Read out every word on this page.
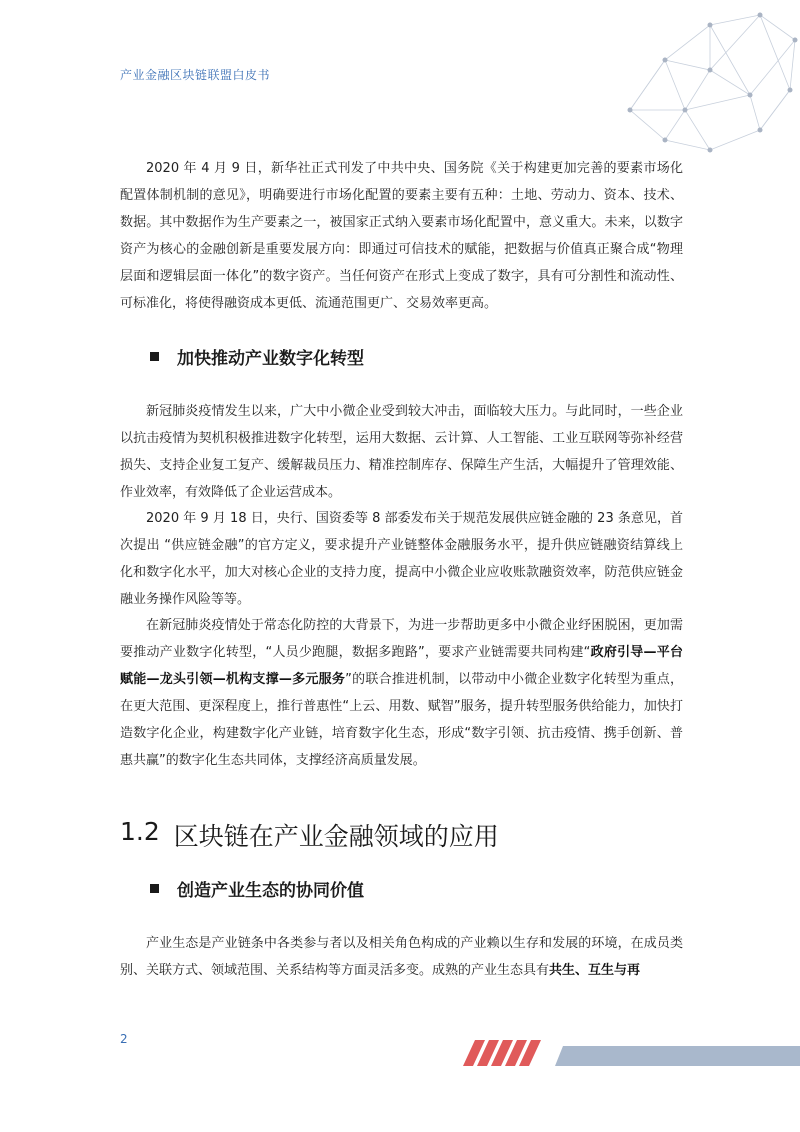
产业金融区块链联盟白皮书

2020 年 4 月 9 日，新华社正式刊发了中共中央、国务院《关于构建更加完善的要素市场化配置体制机制的意见》，明确要进行市场化配置的要素主要有五种：土地、劳动力、资本、技术、数据。其中数据作为生产要素之一，被国家正式纳入要素市场化配置中，意义重大。未来，以数字资产为核心的金融创新是重要发展方向：即通过可信技术的赋能，把数据与价值真正聚合成“物理层面和逻辑层面一体化”的数字资产。当任何资产在形式上变成了数字，具有可分割性和流动性、可标准化，将使得融资成本更低、流通范围更广、交易效率更高。

加快推动产业数字化转型

新冠肺炎疫情发生以来，广大中小微企业受到较大冲击，面临较大压力。与此同时，一些企业以抗击疫情为契机积极推进数字化转型，运用大数据、云计算、人工智能、工业互联网等弥补经营损失、支持企业复工复产、缓解裁员压力、精准控制库存、保障生产生活，大幅提升了管理效能、作业效率，有效降低了企业运营成本。

2020 年 9 月 18 日，央行、国资委等 8 部委发布关于规范发展供应链金融的 23 条意见，首次提出 “供应链金融”的官方定义，要求提升产业链整体金融服务水平，提升供应链融资结算线上化和数字化水平，加大对核心企业的支持力度，提高中小微企业应收账款融资效率，防范供应链金融业务操作风险等等。

在新冠肺炎疫情处于常态化防控的大背景下，为进一步帮助更多中小微企业纾困脱困，更加需要推动产业数字化转型，“人员少跑腿，数据多跑路”，要求产业链需要共同构建“政府引导—平台赋能—龙头引领—机构支撑—多元服务”的联合推进机制，以带动中小微企业数字化转型为重点，在更大范围、更深程度上，推行普惠性“上云、用数、赋智”服务，提升转型服务供给能力，加快打造数字化企业，构建数字化产业链，培育数字化生态，形成“数字引领、抗击疫情、携手创新、普惠共赢”的数字化生态共同体，支撑经济高质量发展。

1.2 区块链在产业金融领域的应用
创造产业生态的协同价值

产业生态是产业链条中各类参与者以及相关角色构成的产业赖以生存和发展的环境，在成员类别、关联方式、领域范围、关系结构等方面灵活多变。成熟的产业生态具有共生、互生与再

2
